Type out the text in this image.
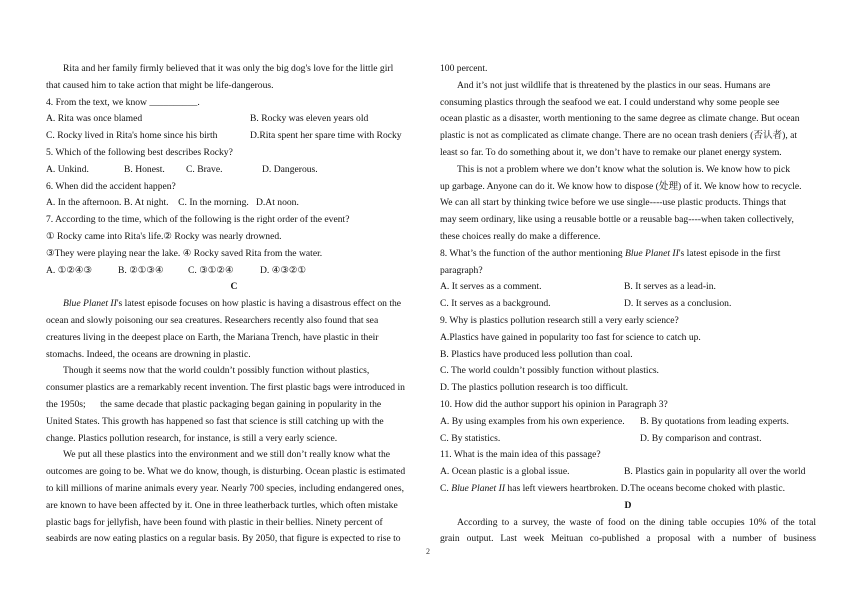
Rita and her family firmly believed that it was only the big dog's love for the little girl
that caused him to take action that might be life-dangerous.
4. From the text, we know __________.
A. Rita was once blamed	B. Rocky was eleven years old
C. Rocky lived in Rita's home since his birth	D.Rita spent her spare time with Rocky
5. Which of the following best describes Rocky?
A. Unkind.	B. Honest. C. Brave.	D. Dangerous.
6. When did the accident happen?
A. In the afternoon. B. At night.    C. In the morning.   D.At noon.
7. According to the time, which of the following is the right order of the event?
① Rocky came into Rita's life.② Rocky was nearly drowned.
③They were playing near the lake. ④ Rocky saved Rita from the water.
A. ①②④③	B. ②①③④	C. ③①②④	D. ④③②①
C
Blue Planet II's latest episode focuses on how plastic is having a disastrous effect on the
ocean and slowly poisoning our sea creatures. Researchers recently also found that sea
creatures living in the deepest place on Earth, the Mariana Trench, have plastic in their
stomachs. Indeed, the oceans are drowning in plastic.
Though it seems now that the world couldn’t possibly function without plastics,
consumer plastics are a remarkably recent invention. The first plastic bags were introduced in
the 1950s;      the same decade that plastic packaging began gaining in popularity in the
United States. This growth has happened so fast that science is still catching up with the
change. Plastics pollution research, for instance, is still a very early science.
We put all these plastics into the environment and we still don’t really know what the
outcomes are going to be. What we do know, though, is disturbing. Ocean plastic is estimated
to kill millions of marine animals every year. Nearly 700 species, including endangered ones,
are known to have been affected by it. One in three leatherback turtles, which often mistake
plastic bags for jellyfish, have been found with plastic in their bellies. Ninety percent of
seabirds are now eating plastics on a regular basis. By 2050, that figure is expected to rise to
100 percent.
And it’s not just wildlife that is threatened by the plastics in our seas. Humans are
consuming plastics through the seafood we eat. I could understand why some people see
ocean plastic as a disaster, worth mentioning to the same degree as climate change. But ocean
plastic is not as complicated as climate change. There are no ocean trash deniers (否认者), at
least so far. To do something about it, we don’t have to remake our planet energy system.
This is not a problem where we don’t know what the solution is. We know how to pick
up garbage. Anyone can do it. We know how to dispose (处理) of it. We know how to recycle.
We can all start by thinking twice before we use single----use plastic products. Things that
may seem ordinary, like using a reusable bottle or a reusable bag----when taken collectively,
these choices really do make a difference.
8. What’s the function of the author mentioning Blue Planet II's latest episode in the first
paragraph?
A. It serves as a comment.	B. It serves as a lead-in.
C. It serves as a background.	D. It serves as a conclusion.
9. Why is plastics pollution research still a very early science?
A.Plastics have gained in popularity too fast for science to catch up.
B. Plastics have produced less pollution than coal.
C. The world couldn’t possibly function without plastics.
D. The plastics pollution research is too difficult.
10. How did the author support his opinion in Paragraph 3?
A. By using examples from his own experience. B. By quotations from leading experts.
C. By statistics.	D. By comparison and contrast.
11. What is the main idea of this passage?
A. Ocean plastic is a global issue.	B. Plastics gain in popularity all over the world
C. Blue Planet II has left viewers heartbroken. D.The oceans become choked with plastic.
D
According to a survey, the waste of food on the dining table occupies 10% of the total
grain output. Last week Meituan co-published a proposal with a number of business
2
